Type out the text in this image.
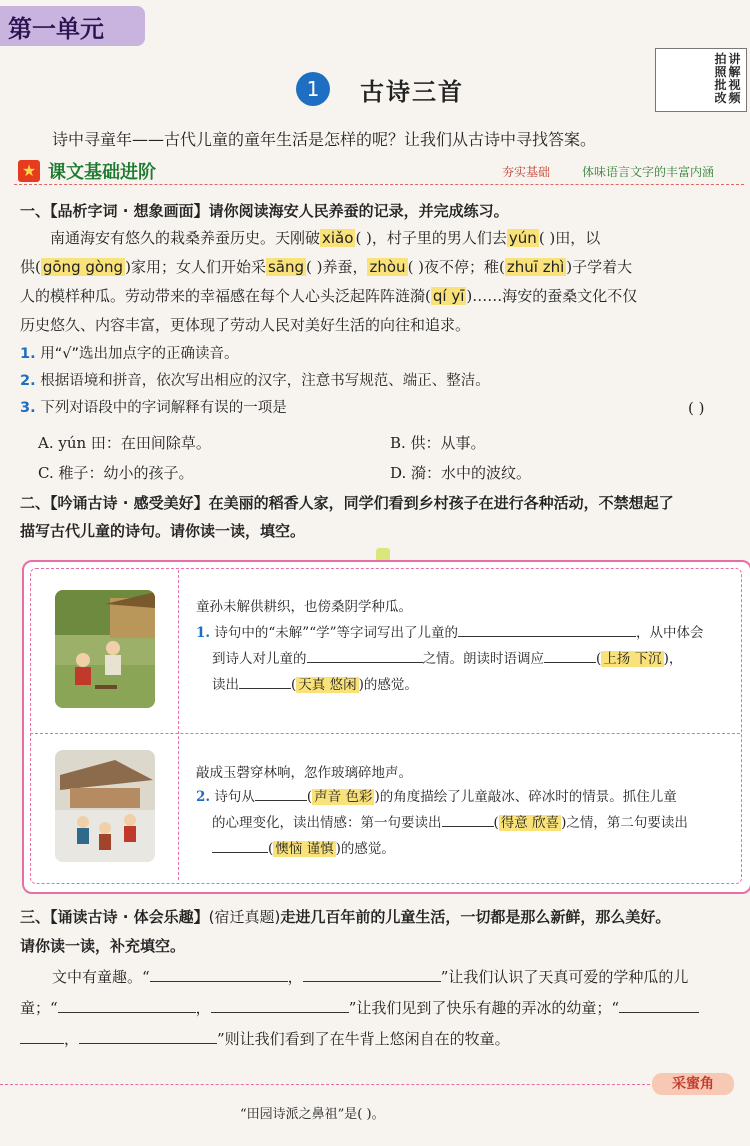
第一单元
拍
照
批
改
讲
解
视
频
1	古诗三首
诗中寻童年——古代儿童的童年生活是怎样的呢？让我们从古诗中寻找答案。
★ 课文基础进阶	夯实基础	体味语言文字的丰富内涵
一、【品析字词 · 想象画面】请你阅读海安人民养蚕的记录，并完成练习。
南通海安有悠久的栽桑养蚕历史。天刚破 xiǎo ( )，村子里的男人们去 yún ( )田，以
供( gōng gòng )家用；女人们开始采 sāng ( )养蚕， zhòu ( )夜不停；稚( zhuī zhì )子学着大
人的模样种瓜。劳动带来的幸福感在每个人心头泛起阵阵涟漪( qí yī )……海安的蚕桑文化不仅
历史悠久、内容丰富，更体现了劳动人民对美好生活的向往和追求。
1. 用“√”选出加点字的正确读音。
2. 根据语境和拼音，依次写出相应的汉字，注意书写规范、端正、整洁。
3. 下列对语段中的字词解释有误的一项是	( )
A. yún 田：在田间除草。	B. 供：从事。
C. 稚子：幼小的孩子。	D. 漪：水中的波纹。
二、【吟诵古诗 · 感受美好】在美丽的稻香人家，同学们看到乡村孩子在进行各种活动，不禁想起了
描写古代儿童的诗句。请你读一读，填空。
童孙未解供耕织，也傍桑阴学种瓜。
1. 诗句中的“未解”“学”等字词写出了儿童的	，从中体会
到诗人对儿童的	之情。朗读时语调应	( 上扬 下沉 )，
读出	( 天真 悠闲 )的感觉。
敲成玉磬穿林响，忽作玻璃碎地声。
2. 诗句从	( 声音 色彩 )的角度描绘了儿童敲冰、碎冰时的情景。抓住儿童
的心理变化，读出情感：第一句要读出	( 得意 欣喜 )之情，第二句要读出
( 懊恼 谨慎 )的感觉。
三、【诵读古诗 · 体会乐趣】(宿迁真题)走进几百年前的儿童生活，一切都是那么新鲜，那么美好。
请你读一读，补充填空。
文中有童趣。“	，	”让我们认识了天真可爱的学种瓜的儿
童；“	，	”让我们见到了快乐有趣的弄冰的幼童；“
，	”则让我们看到了在牛背上悠闲自在的牧童。
采蜜角
“田园诗派之鼻祖”是( )。
